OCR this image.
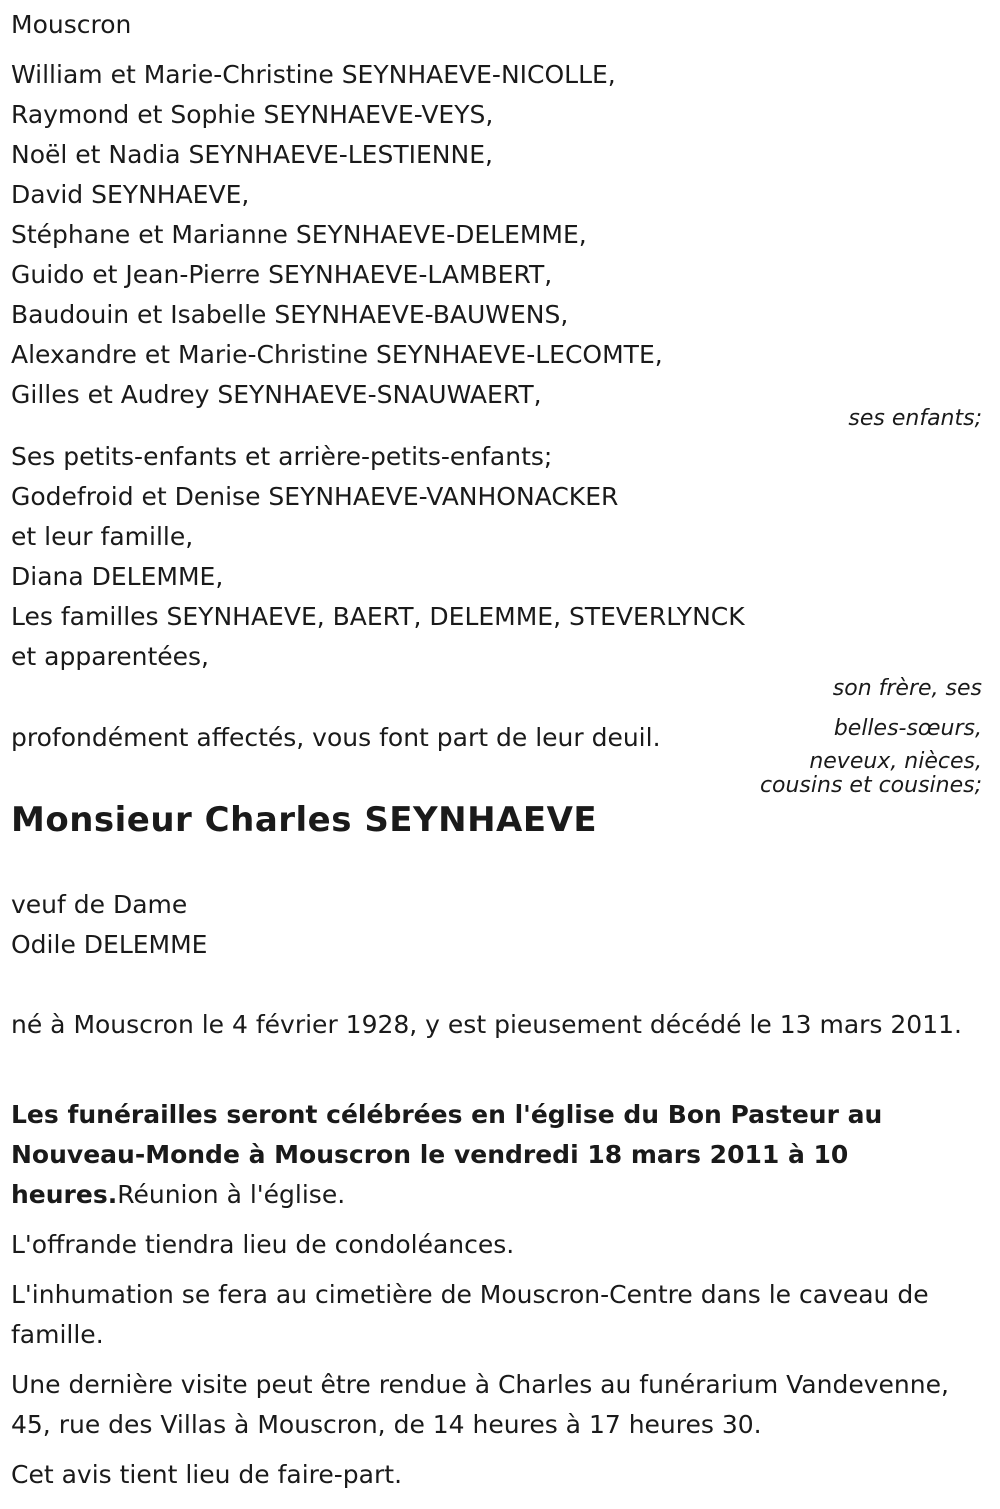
Mouscron
William et Marie-Christine SEYNHAEVE-NICOLLE,
Raymond et Sophie SEYNHAEVE-VEYS,
Noël et Nadia SEYNHAEVE-LESTIENNE,
David SEYNHAEVE,
Stéphane et Marianne SEYNHAEVE-DELEMME,
Guido et Jean-Pierre SEYNHAEVE-LAMBERT,
Baudouin et Isabelle SEYNHAEVE-BAUWENS,
Alexandre et Marie-Christine SEYNHAEVE-LECOMTE,
Gilles et Audrey SEYNHAEVE-SNAUWAERT,
ses enfants;
Ses petits-enfants et arrière-petits-enfants;
Godefroid et Denise SEYNHAEVE-VANHONACKER
et leur famille,
Diana DELEMME,
Les familles SEYNHAEVE, BAERT, DELEMME, STEVERLYNCK
et apparentées,
son frère, ses
belles-sœurs,
neveux, nièces,
cousins et cousines;
profondément affectés, vous font part de leur deuil.
Monsieur Charles SEYNHAEVE
veuf de Dame
Odile DELEMME
né à Mouscron le 4 février 1928, y est pieusement décédé le 13 mars 2011.
Les funérailles seront célébrées en l'église du Bon Pasteur au Nouveau-Monde à Mouscron le vendredi 18 mars 2011 à 10 heures.Réunion à l'église.
L'offrande tiendra lieu de condoléances.
L'inhumation se fera au cimetière de Mouscron-Centre dans le caveau de famille.
Une dernière visite peut être rendue à Charles au funérarium Vandevenne, 45, rue des Villas à Mouscron, de 14 heures à 17 heures 30.
Cet avis tient lieu de faire-part.
